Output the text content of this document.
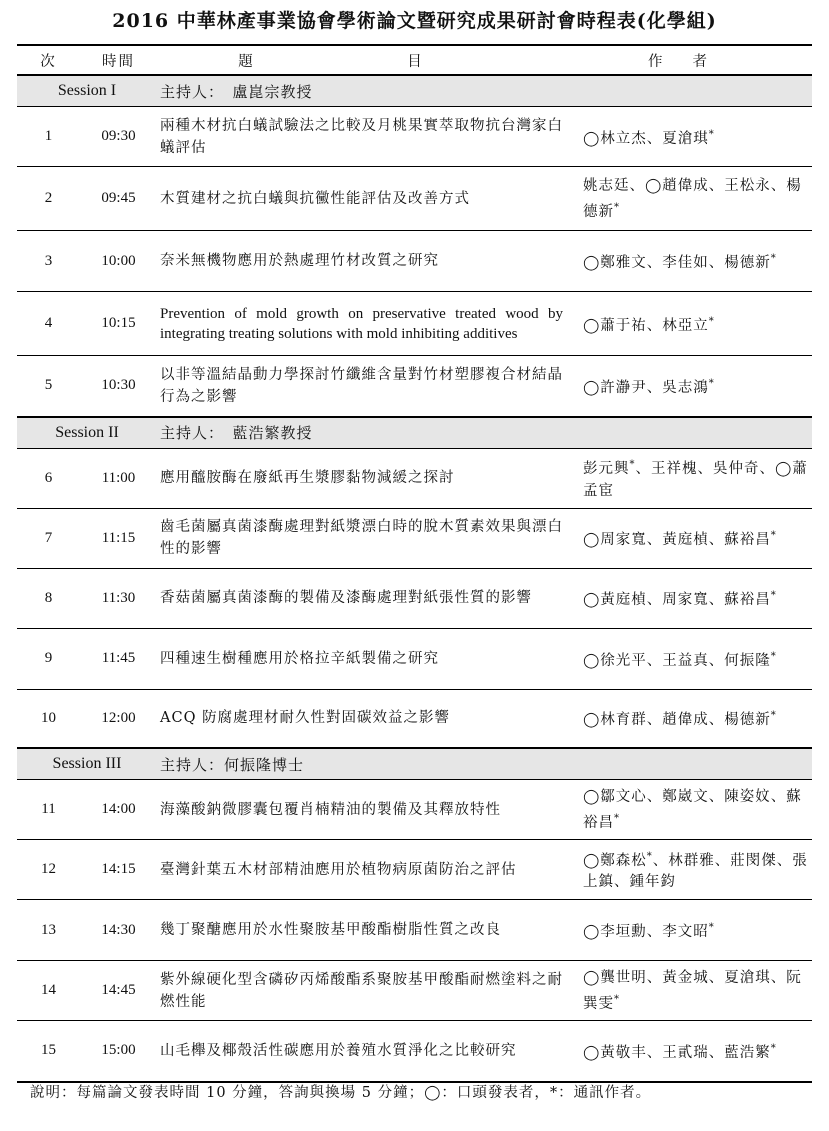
2016 中華林產事業協會學術論文暨研究成果研討會時程表(化學組)
次	時間	題　目	作者
Session I		主持人：　盧崑宗教授	
1	09:30	兩種木材抗白蟻試驗法之比較及月桃果實萃取物抗台灣家白蟻評估	◯林立杰、夏滄琪*
2	09:45	木質建材之抗白蟻與抗黴性能評估及改善方式	姚志廷、◯趙偉成、王松永、楊德新*
3	10:00	奈米無機物應用於熱處理竹材改質之研究	◯鄭雅文、李佳如、楊德新*
4	10:15	Prevention of mold growth on preservative treated wood by integrating treating solutions with mold inhibiting additives	◯蕭于祐、林亞立*
5	10:30	以非等溫結晶動力學探討竹纖維含量對竹材塑膠複合材結晶行為之影響	◯許瀞尹、吳志鴻*
Session II		主持人：　藍浩繁教授	
6	11:00	應用醯胺酶在廢紙再生漿膠黏物減緩之探討	彭元興*、王祥槐、吳仲奇、◯蕭孟宦
7	11:15	齒毛菌屬真菌漆酶處理對紙漿漂白時的脫木質素效果與漂白性的影響	◯周家寬、黃庭楨、蘇裕昌*
8	11:30	香菇菌屬真菌漆酶的製備及漆酶處理對紙張性質的影響	◯黃庭楨、周家寬、蘇裕昌*
9	11:45	四種速生樹種應用於格拉辛紙製備之研究	◯徐光平、王益真、何振隆*
10	12:00	ACQ 防腐處理材耐久性對固碳效益之影響	◯林育群、趙偉成、楊德新*
Session III		主持人：何振隆博士	
11	14:00	海藻酸鈉微膠囊包覆肖楠精油的製備及其釋放特性	◯鄒文心、鄭崴文、陳姿妏、蘇裕昌*
12	14:15	臺灣針葉五木材部精油應用於植物病原菌防治之評估	◯鄭森松*、林群雅、莊閔傑、張上鎮、鍾年鈞
13	14:30	幾丁聚醣應用於水性聚胺基甲酸酯樹脂性質之改良	◯李垣勳、李文昭*
14	14:45	紫外線硬化型含磷矽丙烯酸酯系聚胺基甲酸酯耐燃塗料之耐燃性能	◯龔世明、黃金城、夏滄琪、阮巽雯*
15	15:00	山毛櫸及椰殼活性碳應用於養殖水質淨化之比較研究	◯黃敬丰、王貳瑞、藍浩繁*
說明：每篇論文發表時間 10 分鐘，答詢與換場 5 分鐘；◯：口頭發表者，*：通訊作者。
